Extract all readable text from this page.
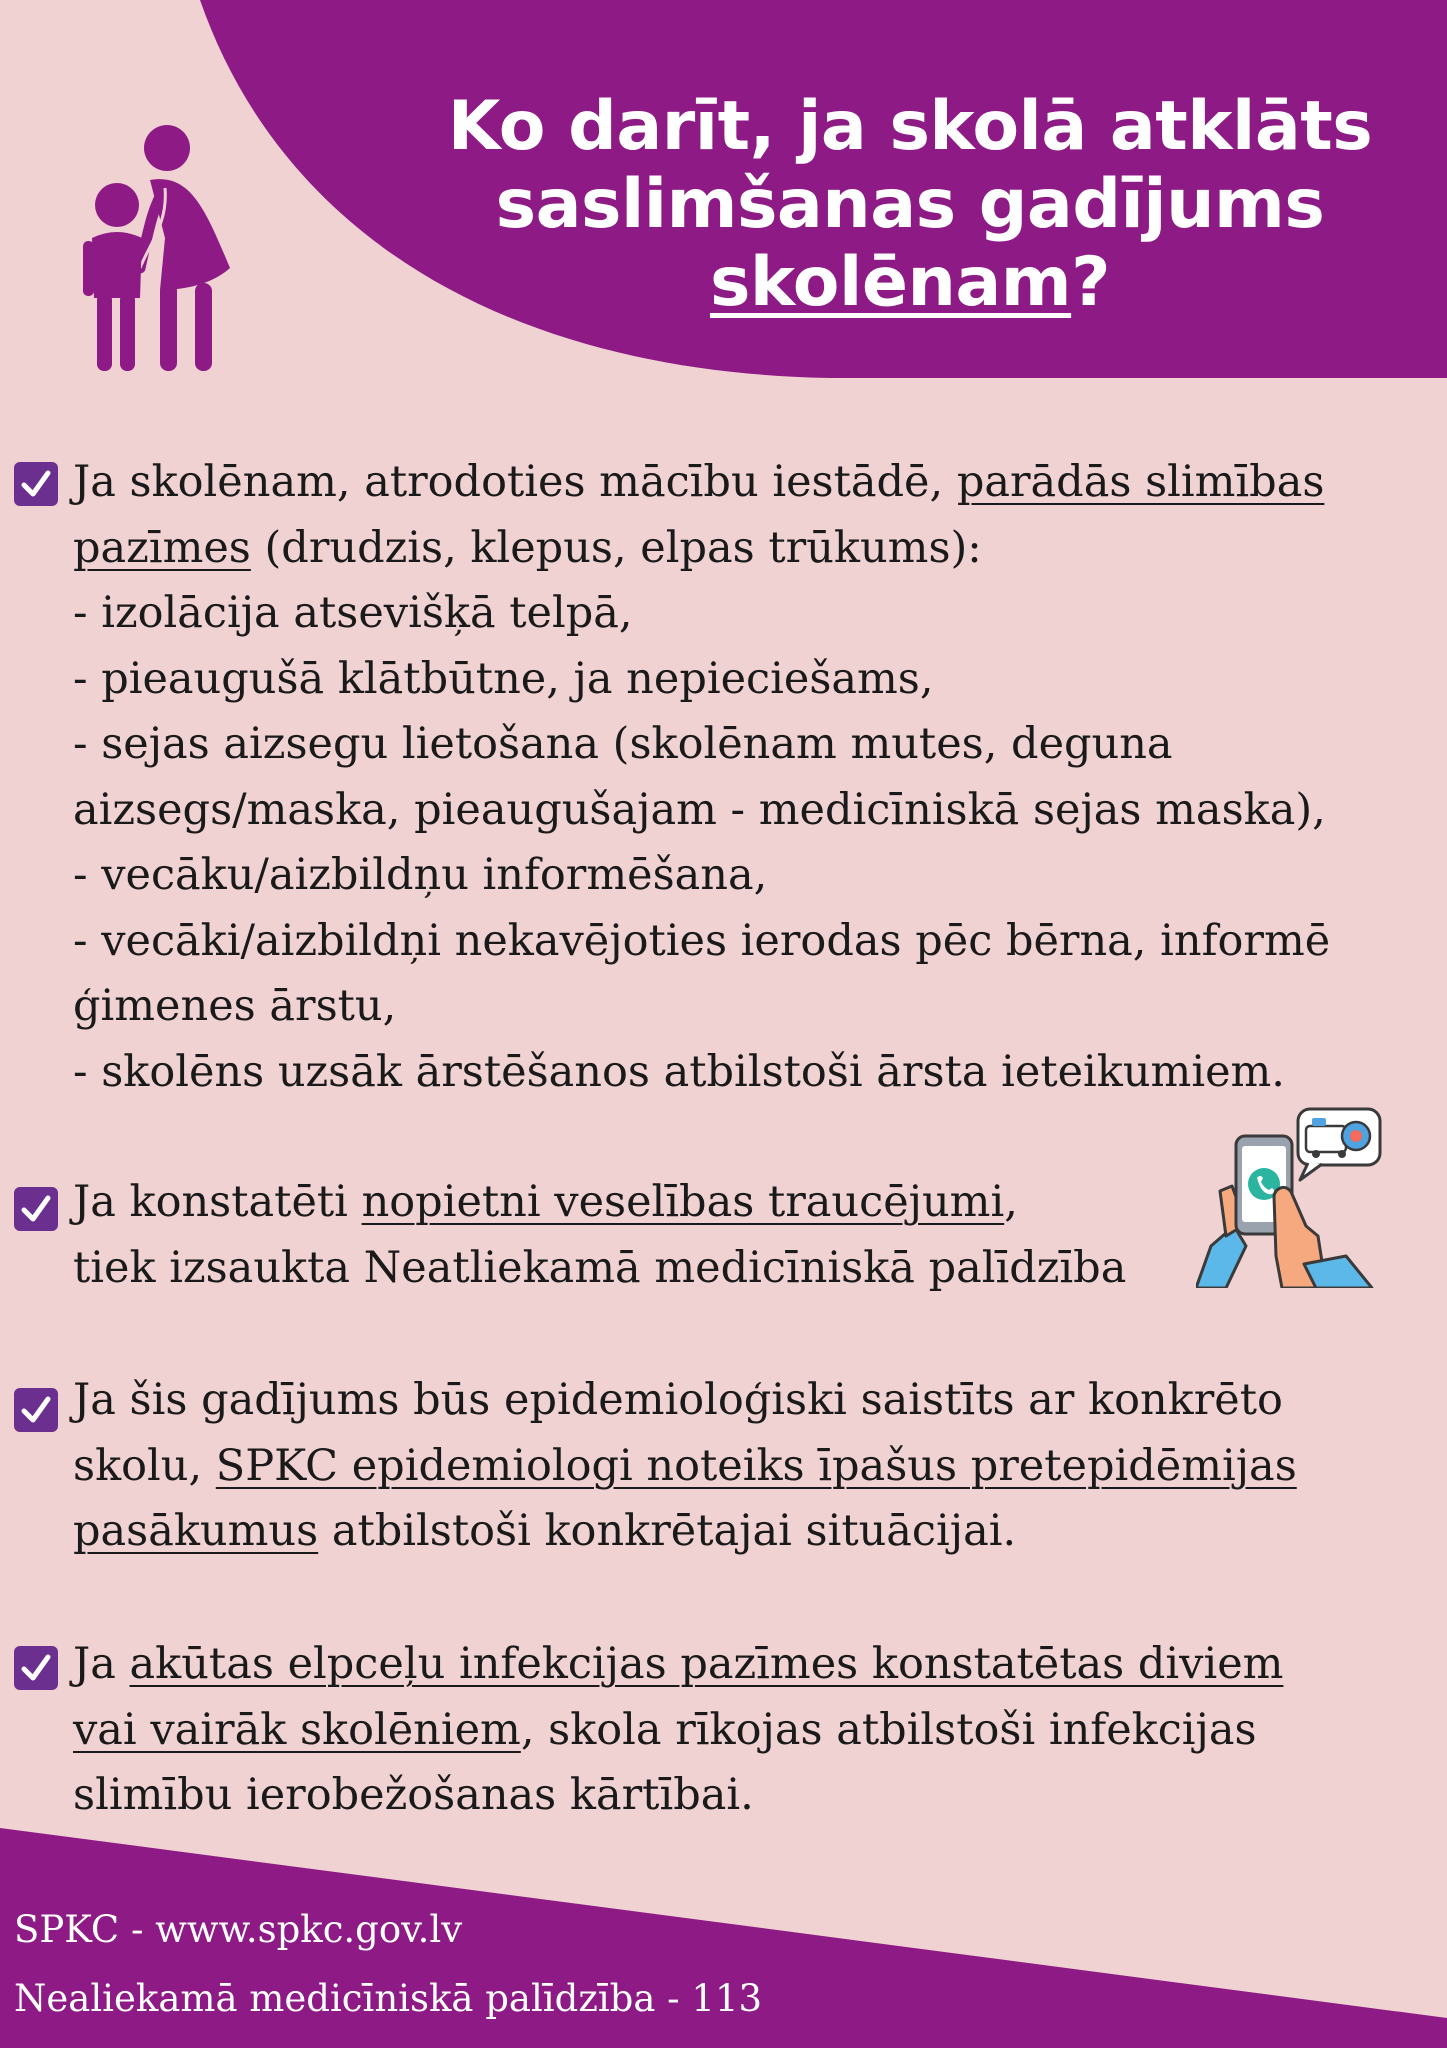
Ko darīt, ja skolā atklāts
saslimšanas gadījums
skolēnam?
Ja skolēnam, atrodoties mācību iestādē, parādās slimības
pazīmes (drudzis, klepus, elpas trūkums):
- izolācija atsevišķā telpā,
- pieaugušā klātbūtne, ja nepieciešams,
- sejas aizsegu lietošana (skolēnam mutes, deguna
aizsegs/maska, pieaugušajam - medicīniskā sejas maska),
- vecāku/aizbildņu informēšana,
- vecāki/aizbildņi nekavējoties ierodas pēc bērna, informē
ģimenes ārstu,
- skolēns uzsāk ārstēšanos atbilstoši ārsta ieteikumiem.
Ja konstatēti nopietni veselības traucējumi,
tiek izsaukta Neatliekamā medicīniskā palīdzība
Ja šis gadījums būs epidemioloģiski saistīts ar konkrēto
skolu, SPKC epidemiologi noteiks īpašus pretepidēmijas
pasākumus atbilstoši konkrētajai situācijai.
Ja akūtas elpceļu infekcijas pazīmes konstatētas diviem
vai vairāk skolēniem, skola rīkojas atbilstoši infekcijas
slimību ierobežošanas kārtībai.
SPKC - www.spkc.gov.lv
Nealiekamā medicīniskā palīdzība - 113
